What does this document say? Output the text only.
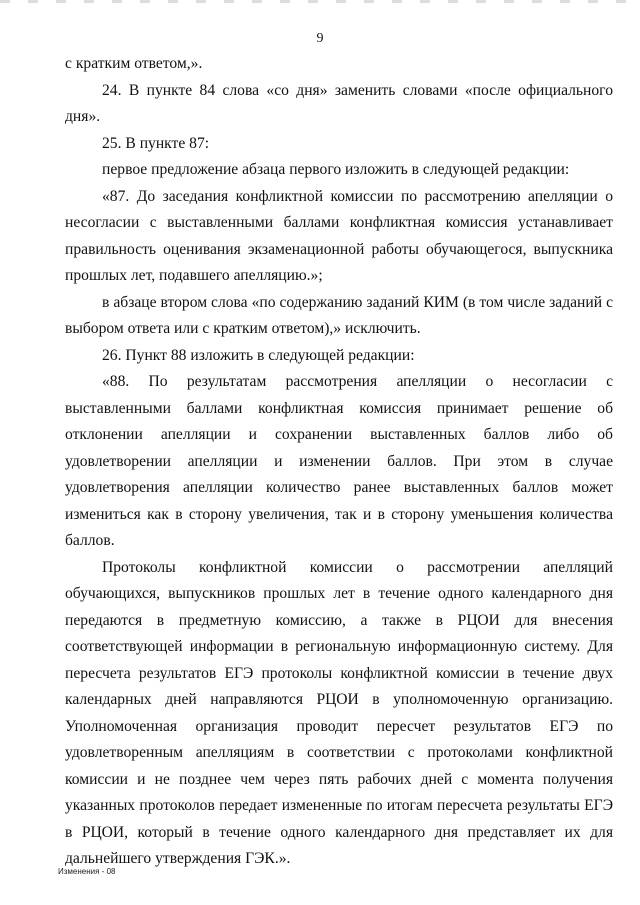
9

с кратким ответом,».

24. В пункте 84 слова «со дня» заменить словами «после официального дня».

25. В пункте 87:

первое предложение абзаца первого изложить в следующей редакции:

«87. До заседания конфликтной комиссии по рассмотрению апелляции о несогласии с выставленными баллами конфликтная комиссия устанавливает правильность оценивания экзаменационной работы обучающегося, выпускника прошлых лет, подавшего апелляцию.»;

в абзаце втором слова «по содержанию заданий КИМ (в том числе заданий с выбором ответа или с кратким ответом),» исключить.

26. Пункт 88 изложить в следующей редакции:

«88. По результатам рассмотрения апелляции о несогласии с выставленными баллами конфликтная комиссия принимает решение об отклонении апелляции и сохранении выставленных баллов либо об удовлетворении апелляции и изменении баллов. При этом в случае удовлетворения апелляции количество ранее выставленных баллов может измениться как в сторону увеличения, так и в сторону уменьшения количества баллов.

Протоколы конфликтной комиссии о рассмотрении апелляций обучающихся, выпускников прошлых лет в течение одного календарного дня передаются в предметную комиссию, а также в РЦОИ для внесения соответствующей информации в региональную информационную систему. Для пересчета результатов ЕГЭ протоколы конфликтной комиссии в течение двух календарных дней направляются РЦОИ в уполномоченную организацию. Уполномоченная организация проводит пересчет результатов ЕГЭ по удовлетворенным апелляциям в соответствии с протоколами конфликтной комиссии и не позднее чем через пять рабочих дней с момента получения указанных протоколов передает измененные по итогам пересчета результаты ЕГЭ в РЦОИ, который в течение одного календарного дня представляет их для дальнейшего утверждения ГЭК.».

Изменения - 08
